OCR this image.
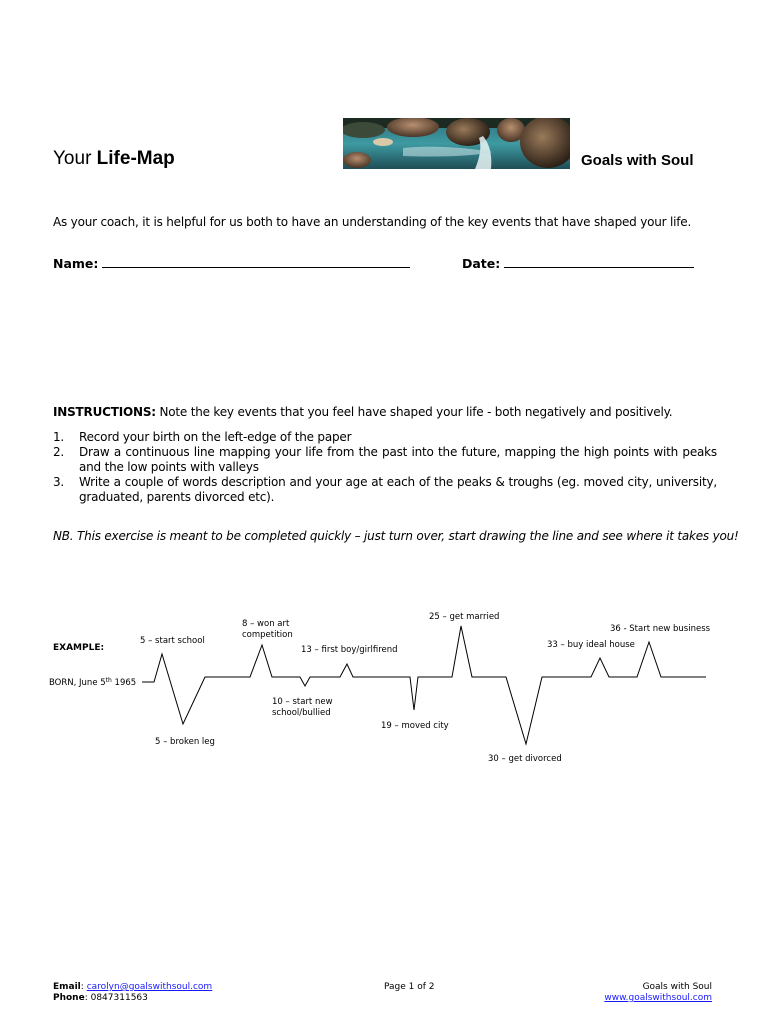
Your Life-Map	Goals with Soul
As your coach, it is helpful for us both to have an understanding of the key events that have shaped your life.
Name:	Date:
INSTRUCTIONS: Note the key events that you feel have shaped your life - both negatively and positively.
1.	Record your birth on the left-edge of the paper
2.	Draw a continuous line mapping your life from the past into the future, mapping the high points with peaks and the low points with valleys
3.	Write a couple of words description and your age at each of the peaks & troughs (eg. moved city, university, graduated, parents divorced etc).
NB. This exercise is meant to be completed quickly – just turn over, start drawing the line and see where it takes you!
EXAMPLE:
BORN, June 5th 1965
5 – start school
5 – broken leg
8 – won art
competition
10 – start new
school/bullied
13 – first boy/girlfirend
19 – moved city
25 – get married
30 – get divorced
33 – buy ideal house
36 - Start new business
Email: carolyn@goalswithsoul.com
Phone: 0847311563
Page 1 of 2	Goals with Soul
www.goalswithsoul.com
